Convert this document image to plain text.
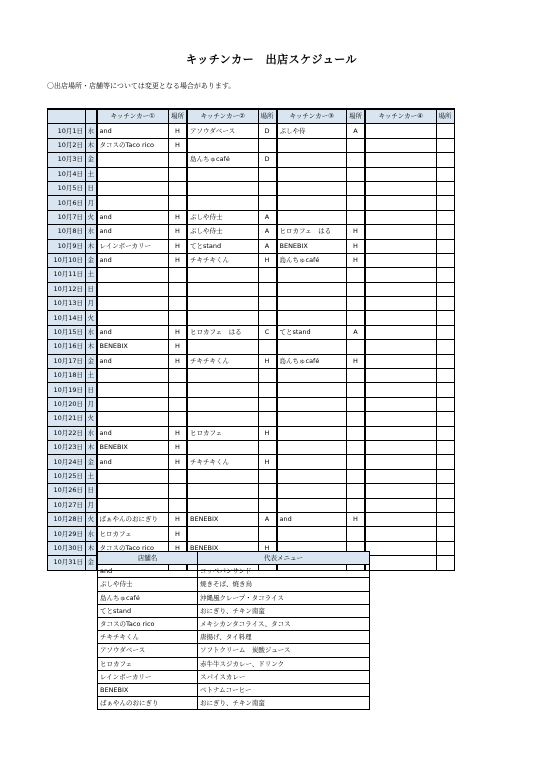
キッチンカー　出店スケジュール
〇出店場所・店舗等については変更となる場合があります。
		キッチンカー①	場所	キッチンカー②	場所	キッチンカー③	場所	キッチンカー④	場所
10月1日	水	and	H	アソウダベース	D	ぷしや侍	A		
10月2日	木	タコスのTaco rico	H						
10月3日	金			島んちゅcafé	D				
10月4日	土								
10月5日	日								
10月6日	月								
10月7日	火	and	H	ぶしや侍士	A				
10月8日	水	and	H	ぶしや侍士	A	ヒロカフェ　はる	H		
10月9日	木	レインボーカリー	H	てとstand	A	BENEBIX	H		
10月10日	金	and	H	チキチキくん	H	島んちゅcafé	H		
10月11日	土								
10月12日	日								
10月13日	月								
10月14日	火								
10月15日	水	and	H	ヒロカフェ　はる	C	てとstand	A		
10月16日	木	BENEBIX	H						
10月17日	金	and	H	チキチキくん	H	島んちゅcafé	H		
10月18日	土								
10月19日	日								
10月20日	月								
10月21日	火								
10月22日	水	and	H	ヒロカフェ	H				
10月23日	木	BENEBIX	H						
10月24日	金	and	H	チキチキくん	H				
10月25日	土								
10月26日	日								
10月27日	月								
10月28日	火	ばぁやんのおにぎり	H	BENEBIX	A	and	H		
10月29日	水	ヒロカフェ	H						
10月30日	木	タコスのTaco rico	H	BENEBIX	H				
10月31日	金								
店舗名	代表メニュー
and	コッペパンサンド
ぶしや侍士	焼きそば、焼き鳥
島んちゅcafé	沖縄風クレープ・タコライス
てとstand	おにぎり、チキン南蛮
タコスのTaco rico	メキシカンタコライス、タコス
チキチキくん	唐揚げ、タイ料理
アソウダベース	ソフトクリーム　炭酸ジュース
ヒロカフェ	赤牛牛スジカレー、ドリンク
レインボーカリー	スパイスカレー
BENEBIX	ベトナムコーヒー
ばぁやんのおにぎり	おにぎり、チキン南蛮
